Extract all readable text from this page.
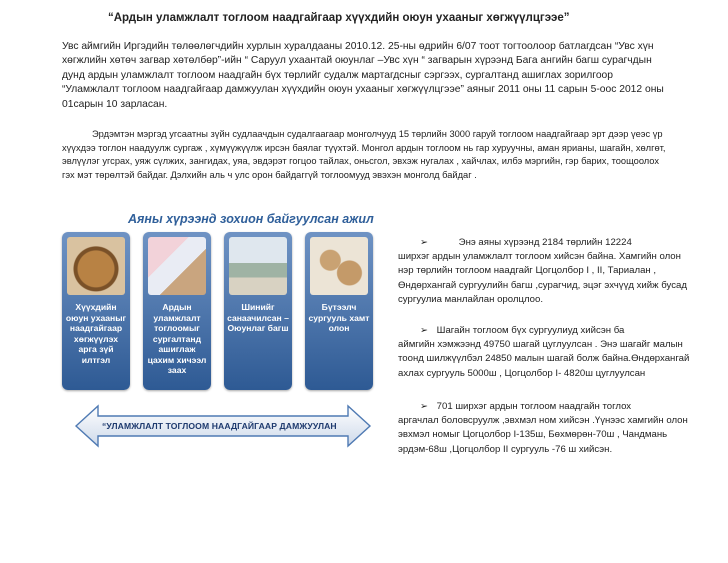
“Ардын уламжлалт тоглоом наадгайгаар хүүхдийн оюун ухааныг хөгжүүлцгээе”
Увс аймгийн Иргэдийн төлөөлөгчдийн хурлын хуралдааны 2010.12. 25-ны өдрийн 6/07 тоот тогтоолоор батлагдсан “Увс хүн хөгжлийн хөтөч загвар хөтөлбөр”-ийн “ Саруул ухаантай оюунлаг –Увс хүн “ загварын хүрээнд Бага ангийн багш сурагчдын дунд ардын уламжлалт тоглоом наадгайн бүх төрлийг судалж мартагдсныг сэргээх, сургалтанд ашиглах зорилгоор “Уламжлалт тоглоом наадгайгаар дамжуулан хүүхдийн оюун ухааныг хөгжүүлцгээе” аяныг 2011 оны 11 сарын 5-оос 2012 оны 01сарын 10 зарласан.
Эрдэмтэн мэргэд угсаатны зүйн судлаачдын судалгаагаар монголчууд 15 төрлийн 3000 гаруй тоглоом наадгайгаар эрт дээр үеэс үр хүүхдээ тоглон наадуулж сургаж , хүмүүжүүлж ирсэн баялаг түүхтэй. Монгол ардын тоглоом нь гар хуруучны, аман ярианы, шагайн, хөлгөт, эвлүүлэг угсрах, уяж сүлжих, зангидах, уяа, эвдэрэт гогцоо тайлах, оньсгол, эвхэж нугалах , хайчлах, илбэ мэргийн, гэр барих, тоощоолох гэх мэт төрөлтэй байдаг. Дэлхийн аль ч улс орон байдаггүй тоглоомууд эвэхэн монголд байдаг .
Аяны хүрээнд зохион байгуулсан ажил
Хүүхдийн оюун ухааныг наадгайгаар хөгжүүлэх арга зүй илтгэл
Ардын уламжлалт тоглоомыг сургалтанд ашиглаж цахим хичээл заах
Шинийг санаачилсан – Оюунлаг багш
Бүтээлч сургууль хамт олон
“УЛАМЖЛАЛТ ТОГЛООМ НААДГАЙГААР ДАМЖУУЛАН
➢	Энэ аяны хүрээнд 2184 төрлийн 12224
ширхэг ардын уламжлалт тоглоом хийсэн байна. Хамгийн олон нэр төрлийн тоглоом наадгайг Цогцолбор I , II, Тариалан , Өндөрхангай сургуулийн багш ,сурагчид, эцэг эхчүүд хийж бусад сургуулиа манлайлан оролцлоо.
➢ Шагайн тоглоом бүх сургуулиуд хийсэн ба
аймгийн хэмжээнд 49750 шагай цуглуулсан . Энэ шагайг малын тоонд шилжүүлбэл 24850 малын шагай болж байна.Өндөрхангай ахлах сургууль 5000ш , Цогцолбор I- 4820ш цуглуулсан
➢ 701 ширхэг ардын тоглоом наадгайн тоглох
аргачлал боловсруулж ,эвхмэл ном хийсэн .Үүнээс хамгийн олон эвхмэл номыг Цогцолбор I-135ш, Бөхмөрөн-70ш , Чандмань эрдэм-68ш ,Цогцолбор II сургууль -76 ш хийсэн.
